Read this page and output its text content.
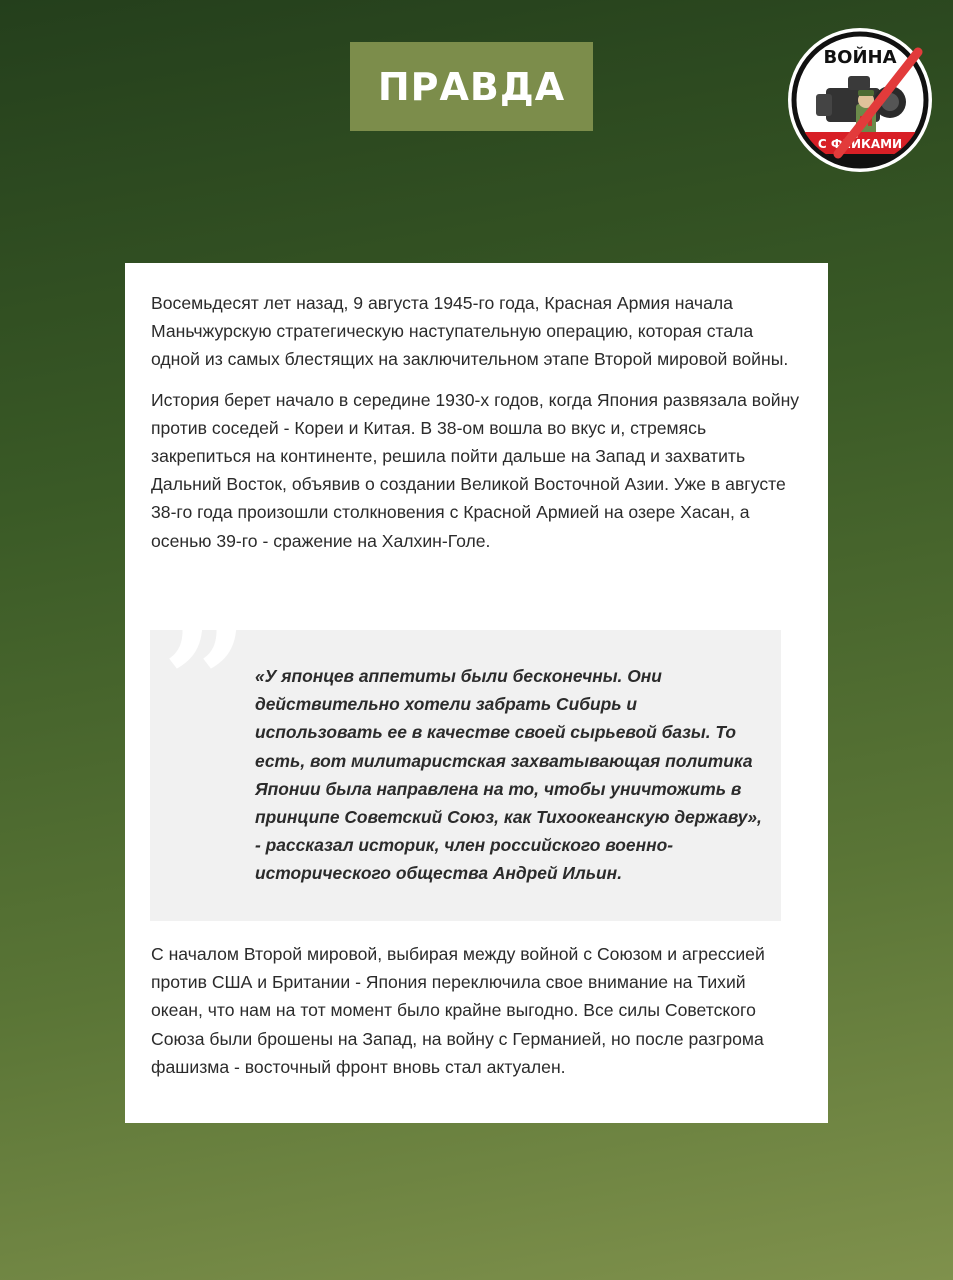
ПРАВДА
ВОЙНА
С ФЕЙКАМИ

Восемьдесят лет назад, 9 августа 1945-го года, Красная Армия начала Маньчжурскую стратегическую наступательную операцию, которая стала одной из самых блестящих на заключительном этапе Второй мировой войны.

История берет начало в середине 1930-х годов, когда Япония развязала войну против соседей - Кореи и Китая. В 38-ом вошла во вкус и, стремясь закрепиться на континенте, решила пойти дальше на Запад и захватить Дальний Восток, объявив о создании Великой Восточной Азии. Уже в августе 38-го года произошли столкновения с Красной Армией на озере Хасан, а осенью 39-го - сражение на Халхин-Голе.

” «У японцев аппетиты были бесконечны. Они действительно хотели забрать Сибирь и использовать ее в качестве своей сырьевой базы. То есть, вот милитаристская захватывающая политика Японии была направлена на то, чтобы уничтожить в принципе Советский Союз, как Тихоокеанскую державу», - рассказал историк, член российского военно-исторического общества Андрей Ильин.

С началом Второй мировой, выбирая между войной с Союзом и агрессией против США и Британии - Япония переключила свое внимание на Тихий океан, что нам на тот момент было крайне выгодно. Все силы Советского Союза были брошены на Запад, на войну с Германией, но после разгрома фашизма - восточный фронт вновь стал актуален.
